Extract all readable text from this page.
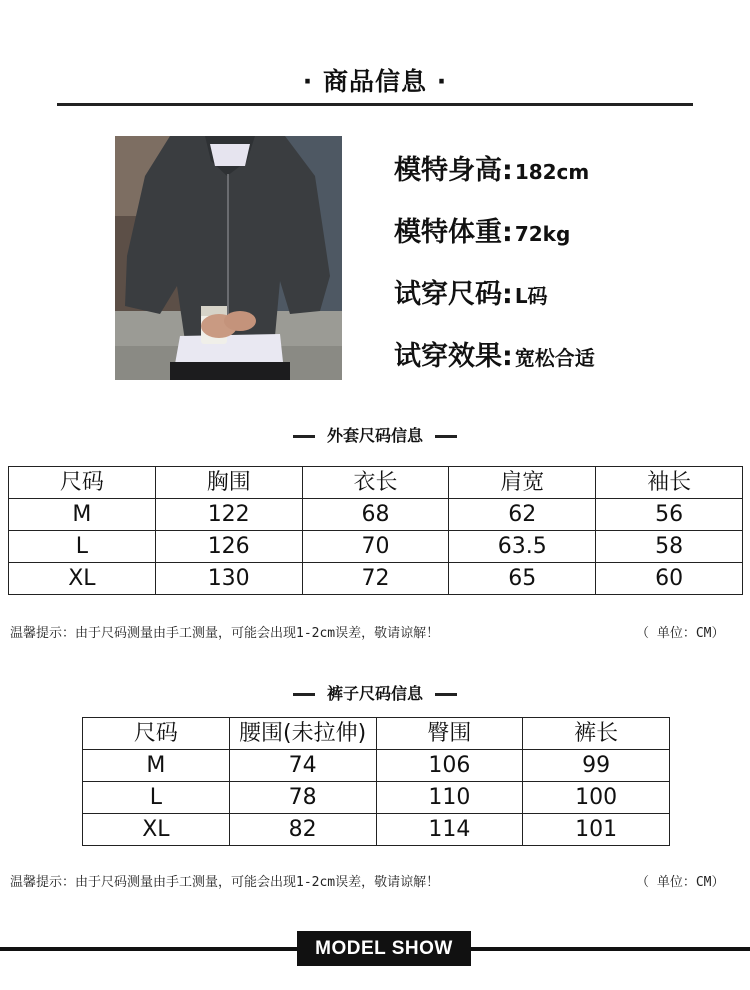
· 商品信息 ·
模特身高: 182cm
模特体重: 72kg
试穿尺码: L码
试穿效果: 宽松合适
外套尺码信息
尺码	胸围	衣长	肩宽	袖长
M	122	68	62	56
L	126	70	63.5	58
XL	130	72	65	60
温馨提示：由于尺码测量由手工测量，可能会出现1-2cm误差，敬请谅解！	（ 单位：CM）
裤子尺码信息
尺码	腰围(未拉伸)	臀围	裤长
M	74	106	99
L	78	110	100
XL	82	114	101
温馨提示：由于尺码测量由手工测量，可能会出现1-2cm误差，敬请谅解！	（ 单位：CM）
MODEL SHOW
